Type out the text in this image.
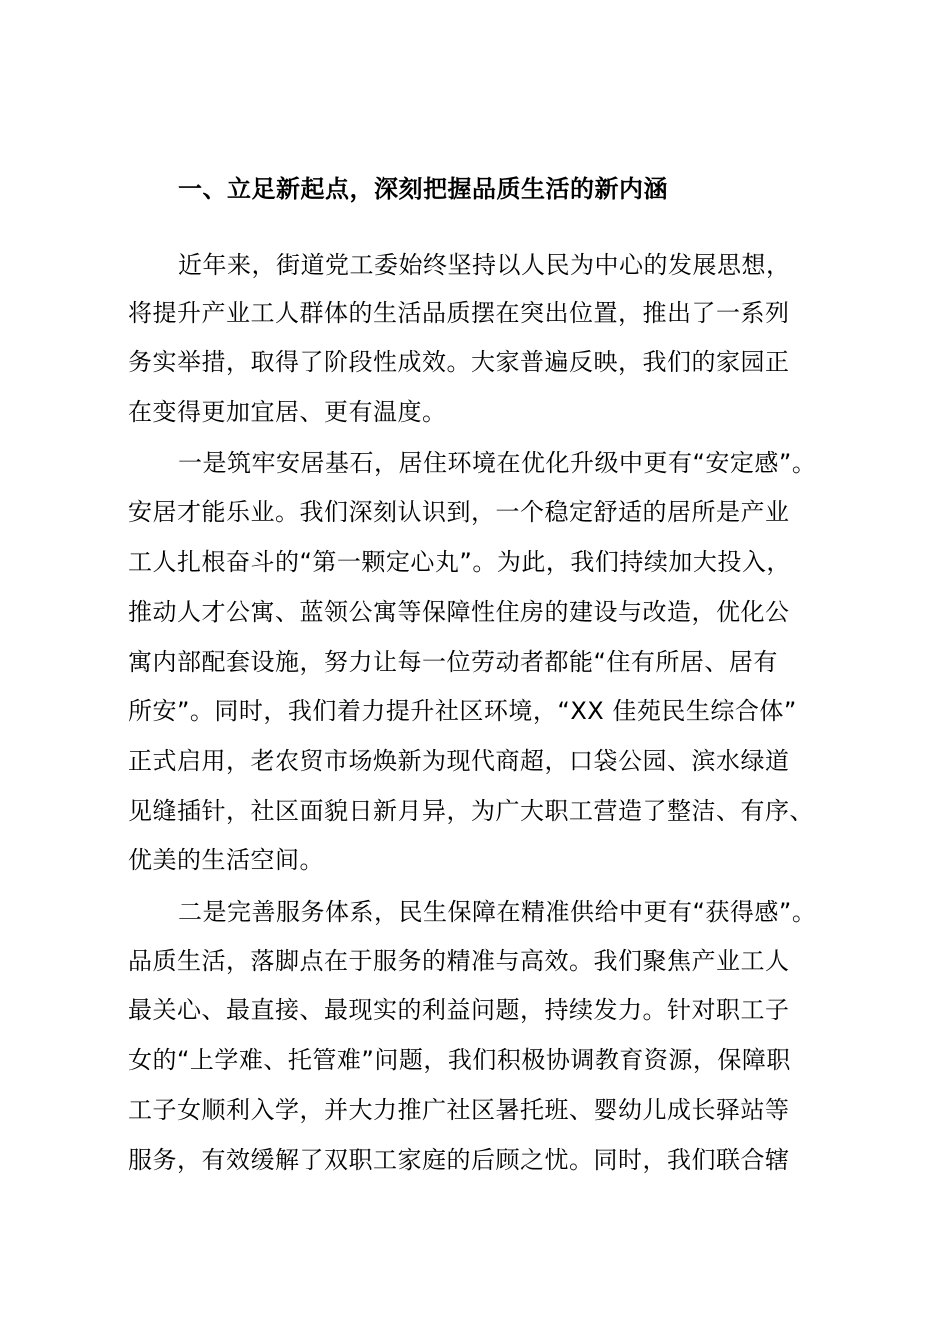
一、立足新起点，深刻把握品质生活的新内涵
近年来，街道党工委始终坚持以人民为中心的发展思想，
将提升产业工人群体的生活品质摆在突出位置，推出了一系列
务实举措，取得了阶段性成效。大家普遍反映，我们的家园正
在变得更加宜居、更有温度。
一是筑牢安居基石，居住环境在优化升级中更有“安定感”。
安居才能乐业。我们深刻认识到，一个稳定舒适的居所是产业
工人扎根奋斗的“第一颗定心丸”。为此，我们持续加大投入，
推动人才公寓、蓝领公寓等保障性住房的建设与改造，优化公
寓内部配套设施，努力让每一位劳动者都能“住有所居、居有
所安”。同时，我们着力提升社区环境，“XX 佳苑民生综合体”
正式启用，老农贸市场焕新为现代商超，口袋公园、滨水绿道
见缝插针，社区面貌日新月异，为广大职工营造了整洁、有序、
优美的生活空间。
二是完善服务体系，民生保障在精准供给中更有“获得感”。
品质生活，落脚点在于服务的精准与高效。我们聚焦产业工人
最关心、最直接、最现实的利益问题，持续发力。针对职工子
女的“上学难、托管难”问题，我们积极协调教育资源，保障职
工子女顺利入学，并大力推广社区暑托班、婴幼儿成长驿站等
服务，有效缓解了双职工家庭的后顾之忧。同时，我们联合辖
